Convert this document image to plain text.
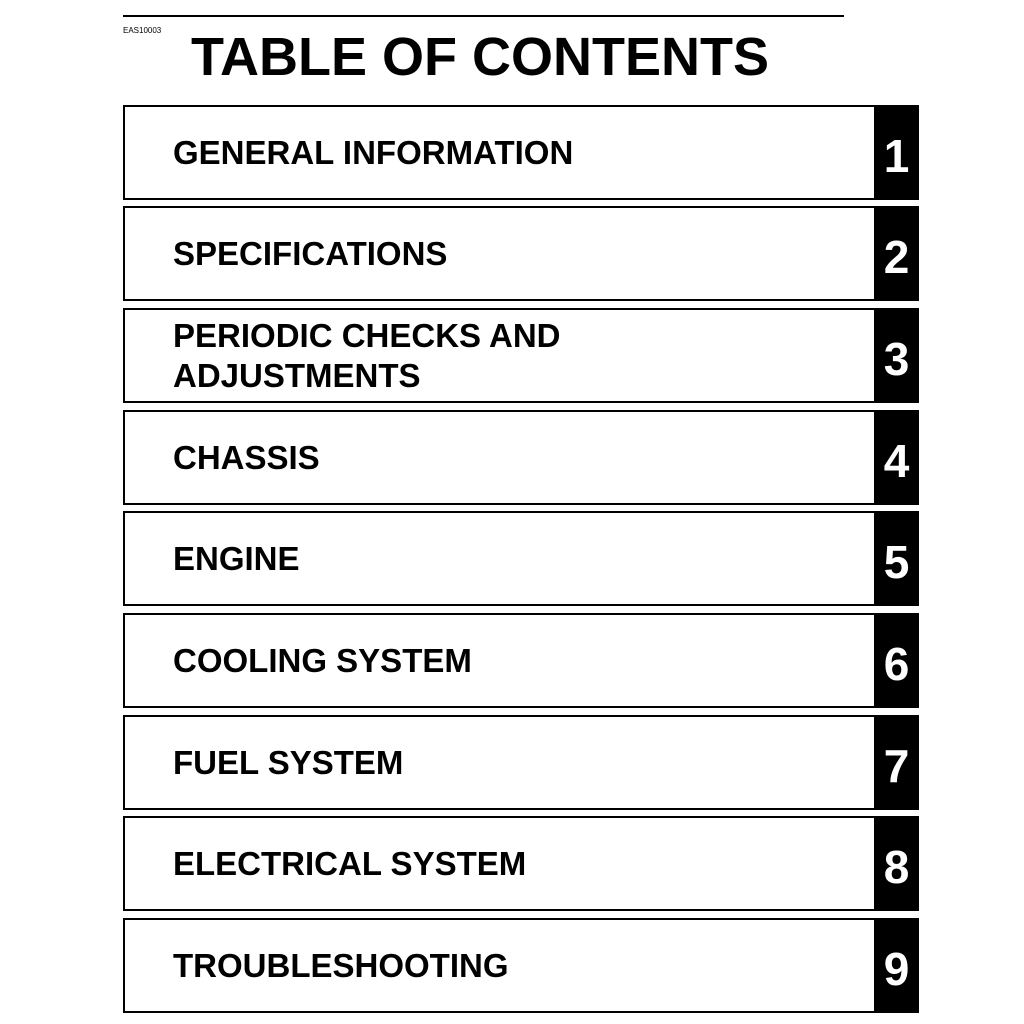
EAS10003 TABLE OF CONTENTS
GENERAL INFORMATION	1
SPECIFICATIONS	2
PERIODIC CHECKS AND
ADJUSTMENTS	3
CHASSIS	4
ENGINE	5
COOLING SYSTEM	6
FUEL SYSTEM	7
ELECTRICAL SYSTEM	8
TROUBLESHOOTING	9
